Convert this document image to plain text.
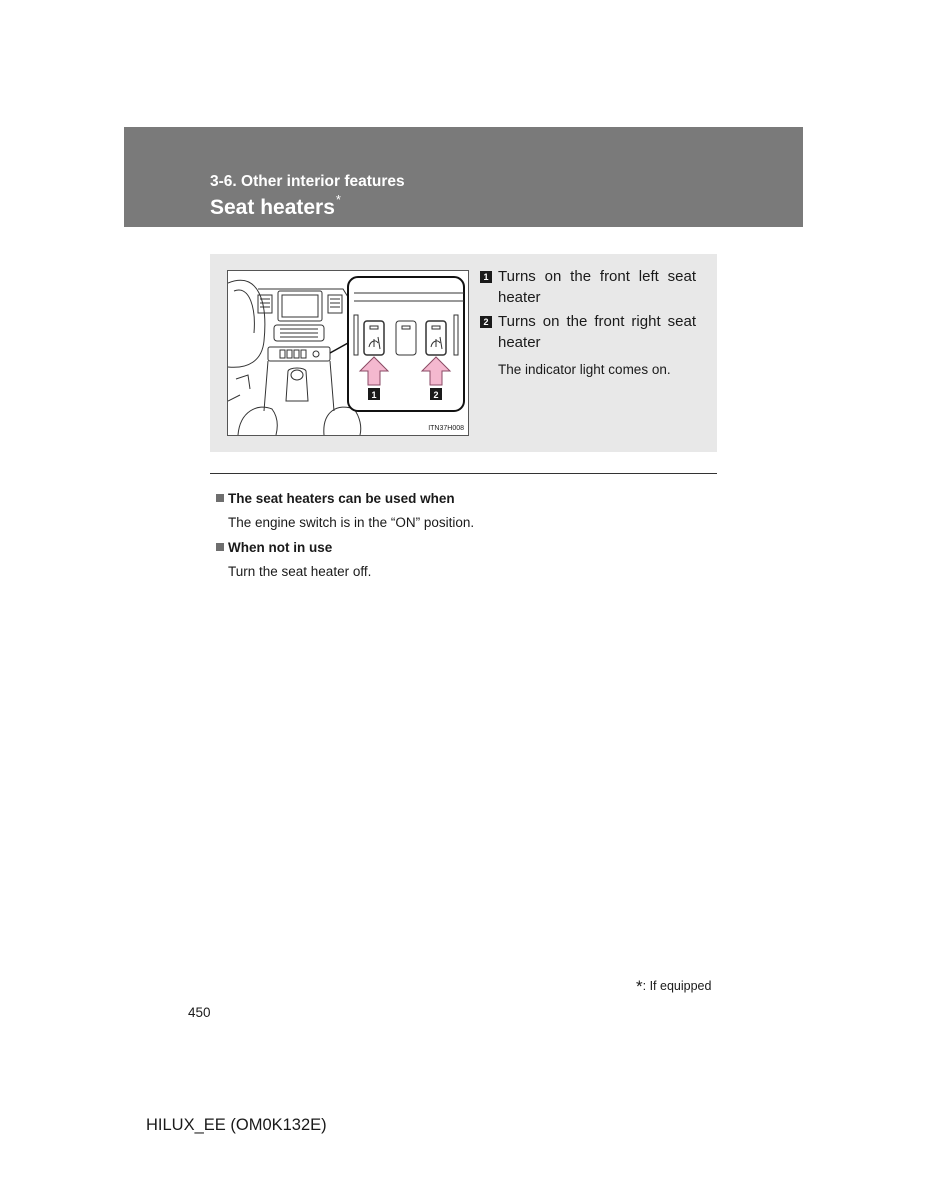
3-6. Other interior features
Seat heaters*
1	2
ITN37H008
1 Turns on the front left seat heater
2 Turns on the front right seat heater
The indicator light comes on.
The seat heaters can be used when
The engine switch is in the “ON” position.
When not in use
Turn the seat heater off.
*: If equipped
450
HILUX_EE (OM0K132E)
